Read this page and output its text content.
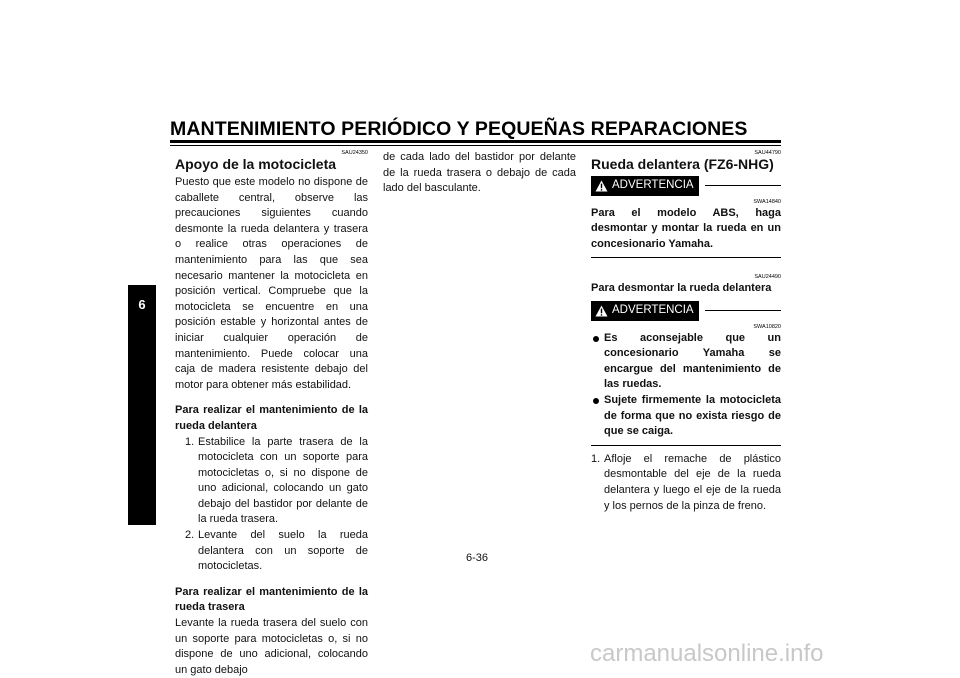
MANTENIMIENTO PERIÓDICO Y PEQUEÑAS REPARACIONES
6

SAU24350

Apoyo de la motocicleta

Puesto que este modelo no dispone de caballete central, observe las precauciones siguientes cuando desmonte la rueda delantera y trasera o realice otras operaciones de mantenimiento para las que sea necesario mantener la motocicleta en posición vertical. Compruebe que la motocicleta se encuentre en una posición estable y horizontal antes de iniciar cualquier operación de mantenimiento. Puede colocar una caja de madera resistente debajo del motor para obtener más estabilidad.

Para realizar el mantenimiento de la rueda delantera

1. Estabilice la parte trasera de la motocicleta con un soporte para motocicletas o, si no dispone de uno adicional, colocando un gato debajo del bastidor por delante de la rueda trasera.
2. Levante del suelo la rueda delantera con un soporte de motocicletas.

Para realizar el mantenimiento de la rueda trasera

Levante la rueda trasera del suelo con un soporte para motocicletas o, si no dispone de uno adicional, colocando un gato debajo

de cada lado del bastidor por delante de la rueda trasera o debajo de cada lado del basculante.

SAU44790

Rueda delantera (FZ6-NHG)
ADVERTENCIA

SWA14840

Para el modelo ABS, haga desmontar y montar la rueda en un concesionario Yamaha.

SAU24490

Para desmontar la rueda delantera

ADVERTENCIA

SWA10820

Es aconsejable que un concesionario Yamaha se encargue del mantenimiento de las ruedas.
Sujete firmemente la motocicleta de forma que no exista riesgo de que se caiga.
1. Afloje el remache de plástico desmontable del eje de la rueda delantera y luego el eje de la rueda y los pernos de la pinza de freno.
6-36
carmanualsonline.info
